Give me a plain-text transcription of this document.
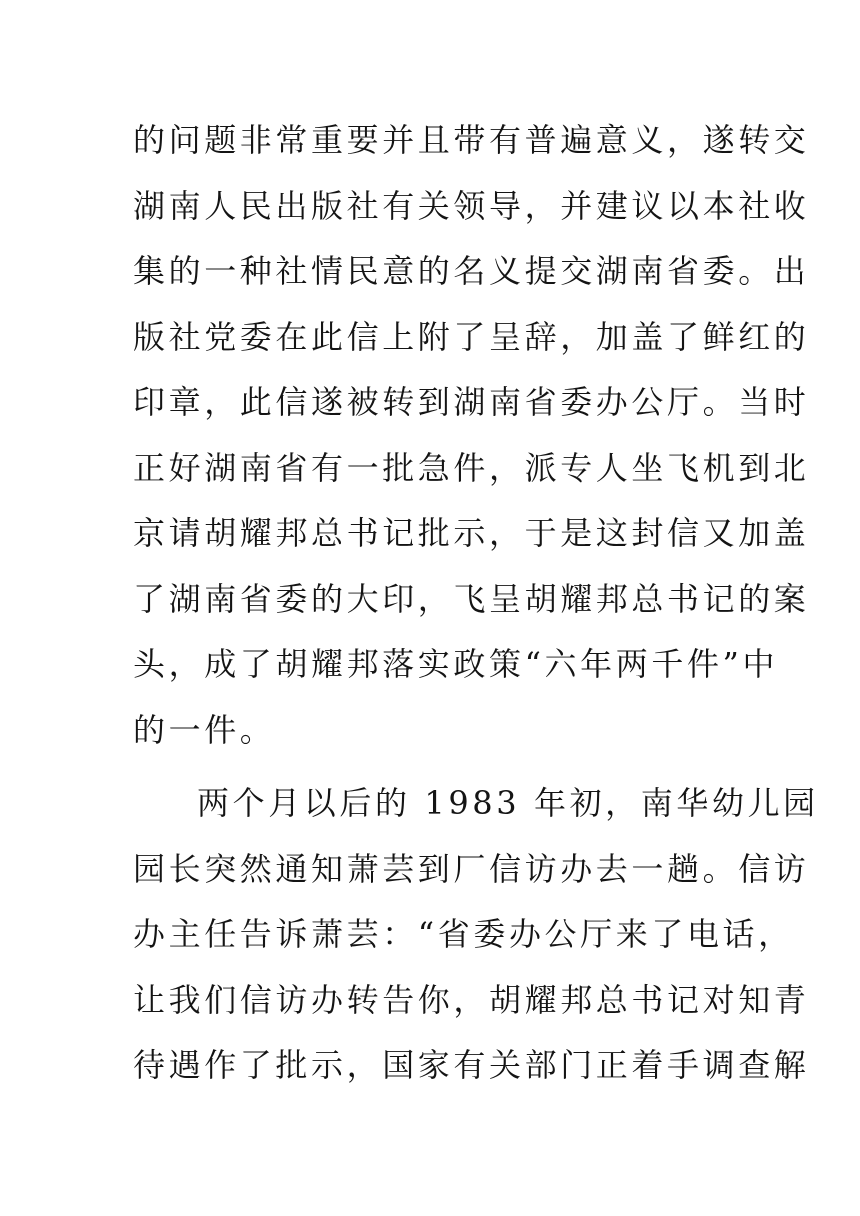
的问题非常重要并且带有普遍意义，遂转交
湖南人民出版社有关领导，并建议以本社收
集的一种社情民意的名义提交湖南省委。出
版社党委在此信上附了呈辞，加盖了鲜红的
印章，此信遂被转到湖南省委办公厅。当时
正好湖南省有一批急件，派专人坐飞机到北
京请胡耀邦总书记批示，于是这封信又加盖
了湖南省委的大印，飞呈胡耀邦总书记的案
头，成了胡耀邦落实政策“六年两千件”中
的一件。
两个月以后的 1983 年初，南华幼儿园
园长突然通知萧芸到厂信访办去一趟。信访
办主任告诉萧芸：“省委办公厅来了电话，
让我们信访办转告你，胡耀邦总书记对知青
待遇作了批示，国家有关部门正着手调查解
